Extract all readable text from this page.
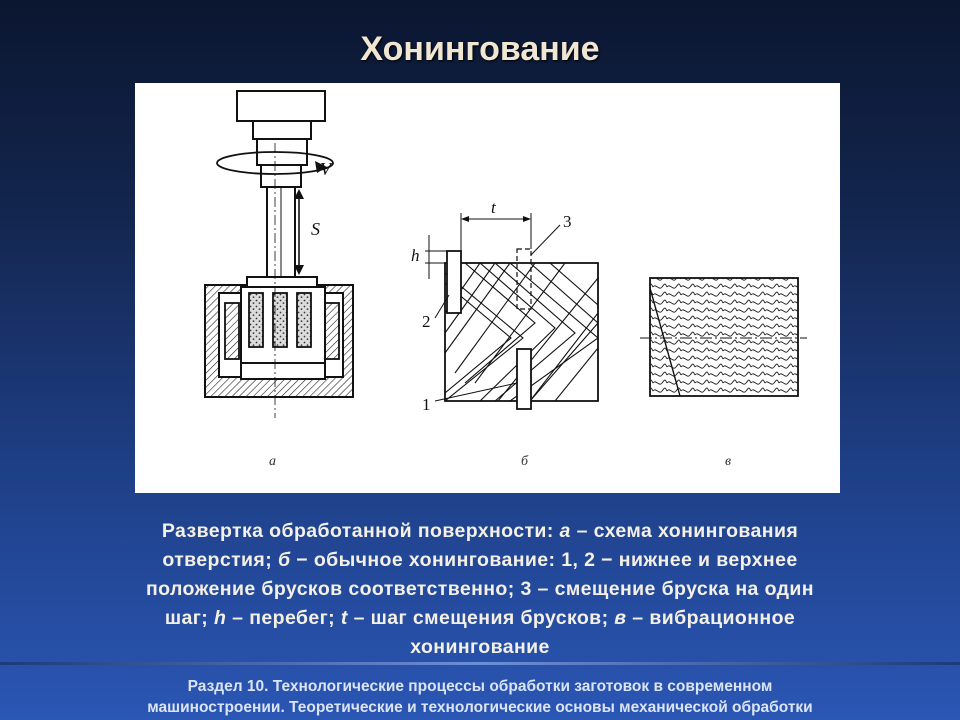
Хонингование
V
S
а
t
h
2
1
3
б	в
Развертка обработанной поверхности: а – схема хонингования
отверстия; б − обычное хонингование: 1, 2 − нижнее и верхнее
положение брусков соответственно; 3 – смещение бруска на один
шаг; h – перебег; t – шаг смещения брусков; в – вибрационное
хонингование
Раздел 10. Технологические процессы обработки заготовок в современном
машиностроении. Теоретические и технологические основы механической обработки
